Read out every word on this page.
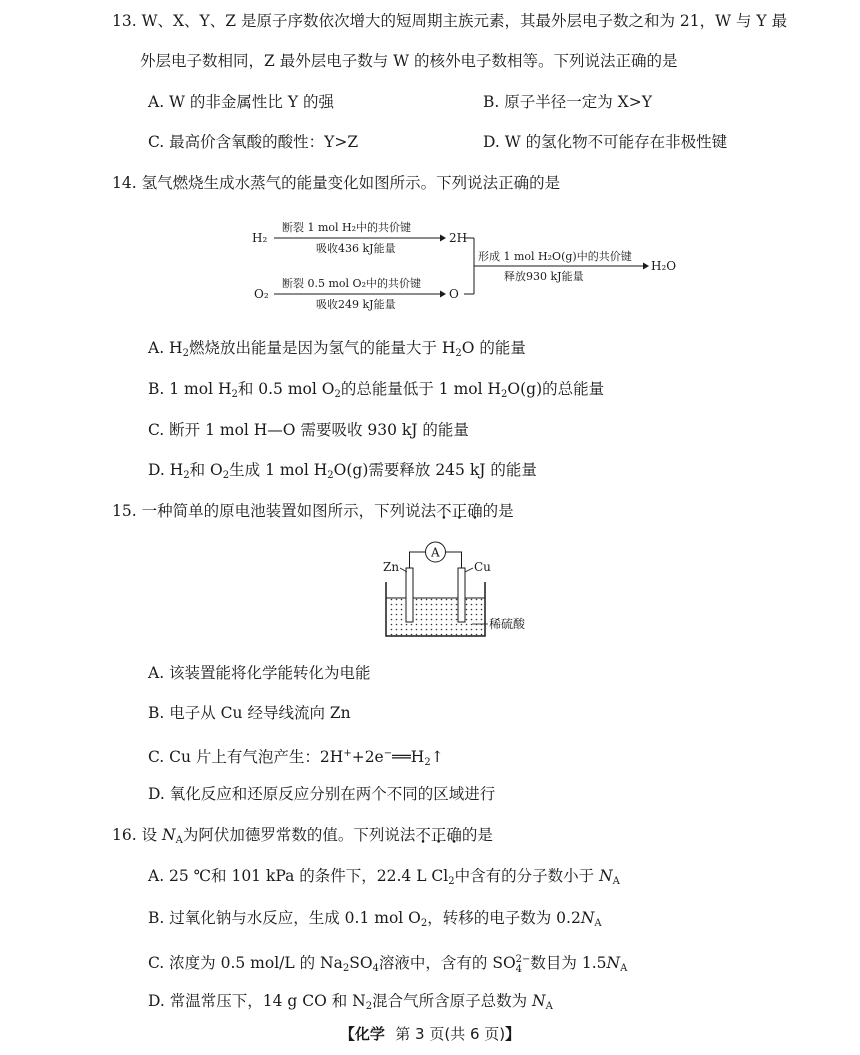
13. W、X、Y、Z 是原子序数依次增大的短周期主族元素，其最外层电子数之和为 21，W 与 Y 最
外层电子数相同，Z 最外层电子数与 W 的核外电子数相等。下列说法正确的是
A. W 的非金属性比 Y 的强	B. 原子半径一定为 X>Y
C. 最高价含氧酸的酸性：Y>Z	D. W 的氢化物不可能存在非极性键
14. 氢气燃烧生成水蒸气的能量变化如图所示。下列说法正确的是
H₂
断裂 1 mol H₂中的共价键
吸收436 kJ能量
2H
O₂
断裂 0.5 mol O₂中的共价键
吸收249 kJ能量
O
形成 1 mol H₂O(g)中的共价键
释放930 kJ能量
H₂O
A. $H_2$燃烧放出能量是因为氢气的能量大于 $H_2O$ 的能量
B. 1 mol $H_2$和 0.5 mol $O_2$的总能量低于 1 mol $H_2O(g)$的总能量
C. 断开 1 mol H—O 需要吸收 930 kJ 的能量
D. $H_2$和 $O_2$生成 1 mol $H_2O(g)$需要释放 245 kJ 的能量
15. 一种简单的原电池装置如图所示，下列说法不正确的是
A
Zn	Cu
稀硫酸
A. 该装置能将化学能转化为电能
B. 电子从 Cu 经导线流向 Zn
C. Cu 片上有气泡产生：$2H^++2e^-══H_2↑$
D. 氧化反应和还原反应分别在两个不同的区域进行
16. 设 $N_A$为阿伏加德罗常数的值。下列说法不正确的是
A. 25 ℃和 101 kPa 的条件下，22.4 L $Cl_2$中含有的分子数小于 $N_A$
B. 过氧化钠与水反应，生成 0.1 mol $O_2$，转移的电子数为 $0.2N_A$
C. 浓度为 0.5 mol/L 的 $Na_2SO_4$溶液中，含有的 $SO^{2-}$
4 数目为 $1.5N_A$
D. 常温常压下，14 g CO 和 $N_2$混合气所含原子总数为 $N_A$
【化学 第 3 页(共 6 页)】
